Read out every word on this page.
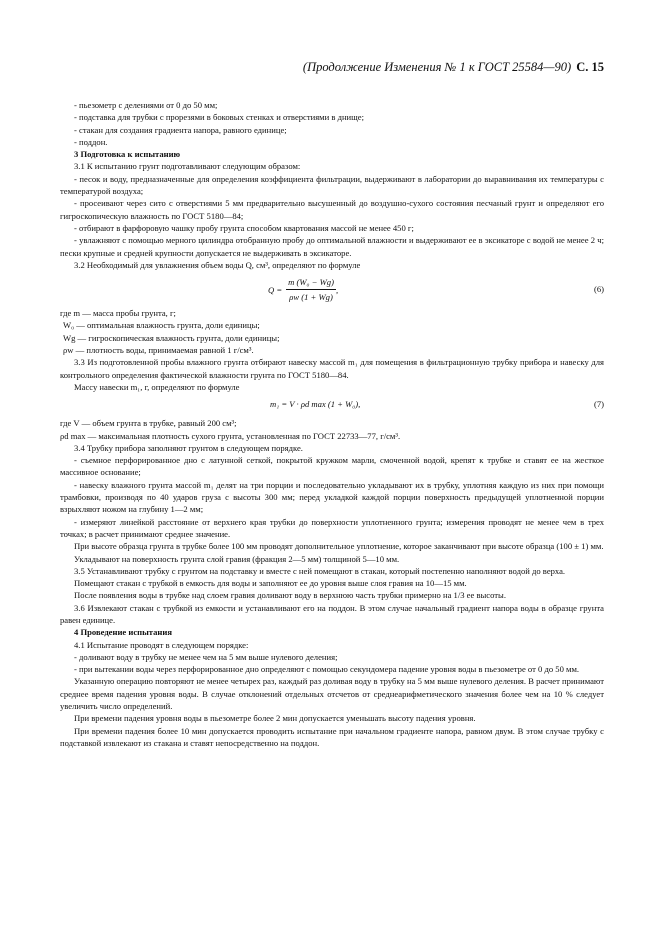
(Продолжение Изменения № 1 к ГОСТ 25584—90) С. 15

- пьезометр с делениями от 0 до 50 мм;

- подставка для трубки с прорезями в боковых стенках и отверстиями в днище;

- стакан для создания градиента напора, равного единице;

- поддон.

3 Подготовка к испытанию

3.1 К испытанию грунт подготавливают следующим образом:

- песок и воду, предназначенные для определения коэффициента фильтрации, выдерживают в лаборатории до выравнивания их температуры с температурой воздуха;

- просеивают через сито с отверстиями 5 мм предварительно высушенный до воздушно-сухого состояния песчаный грунт и определяют его гигроскопическую влажность по ГОСТ 5180—84;

- отбирают в фарфоровую чашку пробу грунта способом квартования массой не менее 450 г;

- увлажняют с помощью мерного цилиндра отобранную пробу до оптимальной влажности и выдерживают ее в эксикаторе с водой не менее 2 ч; пески крупные и средней крупности допускается не выдерживать в эксикаторе.

3.2 Необходимый для увлажнения объем воды Q, см³, определяют по формуле

$Q = \frac{\text{m (W₀ − Wg)}}{\rho w (1 + Wg)}$ ,	(6)

где m — масса пробы грунта, г;

W₀ — оптимальная влажность грунта, доли единицы;

Wg — гигроскопическая влажность грунта, доли единицы;

ρw — плотность воды, принимаемая равной 1 г/см³.

3.3 Из подготовленной пробы влажного грунта отбирают навеску массой m₁ для помещения в фильтрационную трубку прибора и навеску для контрольного определения фактической влажности грунта по ГОСТ 5180—84.

Массу навески m₁, г, определяют по формуле

m₁ = V · ρd max (1 + W₀),	(7)

где V — объем грунта в трубке, равный 200 см³;

ρd max — максимальная плотность сухого грунта, установленная по ГОСТ 22733—77, г/см³.

3.4 Трубку прибора заполняют грунтом в следующем порядке.

- съемное перфорированное дно с латунной сеткой, покрытой кружком марли, смоченной водой, крепят к трубке и ставят ее на жесткое массивное основание;

- навеску влажного грунта массой m₁ делят на три порции и последовательно укладывают их в трубку, уплотняя каждую из них при помощи трамбовки, производя по 40 ударов груза с высоты 300 мм; перед укладкой каждой порции поверхность предыдущей уплотненной порции взрыхляют ножом на глубину 1—2 мм;

- измеряют линейкой расстояние от верхнего края трубки до поверхности уплотненного грунта; измерения проводят не менее чем в трех точках; в расчет принимают среднее значение.

При высоте образца грунта в трубке более 100 мм проводят дополнительное уплотнение, которое заканчивают при высоте образца (100 ± 1) мм.

Укладывают на поверхность грунта слой гравия (фракция 2—5 мм) толщиной 5—10 мм.

3.5 Устанавливают трубку с грунтом на подставку и вместе с ней помещают в стакан, который постепенно наполняют водой до верха.

Помещают стакан с трубкой в емкость для воды и заполняют ее до уровня выше слоя гравия на 10—15 мм.

После появления воды в трубке над слоем гравия доливают воду в верхнюю часть трубки примерно на 1/3 ее высоты.

3.6 Извлекают стакан с трубкой из емкости и устанавливают его на поддон. В этом случае начальный градиент напора воды в образце грунта равен единице.

4 Проведение испытания

4.1 Испытание проводят в следующем порядке:

- доливают воду в трубку не менее чем на 5 мм выше нулевого деления;

- при вытекании воды через перфорированное дно определяют с помощью секундомера падение уровня воды в пьезометре от 0 до 50 мм.

Указанную операцию повторяют не менее четырех раз, каждый раз доливая воду в трубку на 5 мм выше нулевого деления. В расчет принимают среднее время падения уровня воды. В случае отклонений отдельных отсчетов от среднеарифметического значения более чем на 10 % следует увеличить число определений.

При времени падения уровня воды в пьезометре более 2 мин допускается уменьшать высоту падения уровня.

При времени падения более 10 мин допускается проводить испытание при начальном градиенте напора, равном двум. В этом случае трубку с подставкой извлекают из стакана и ставят непосредственно на поддон.
